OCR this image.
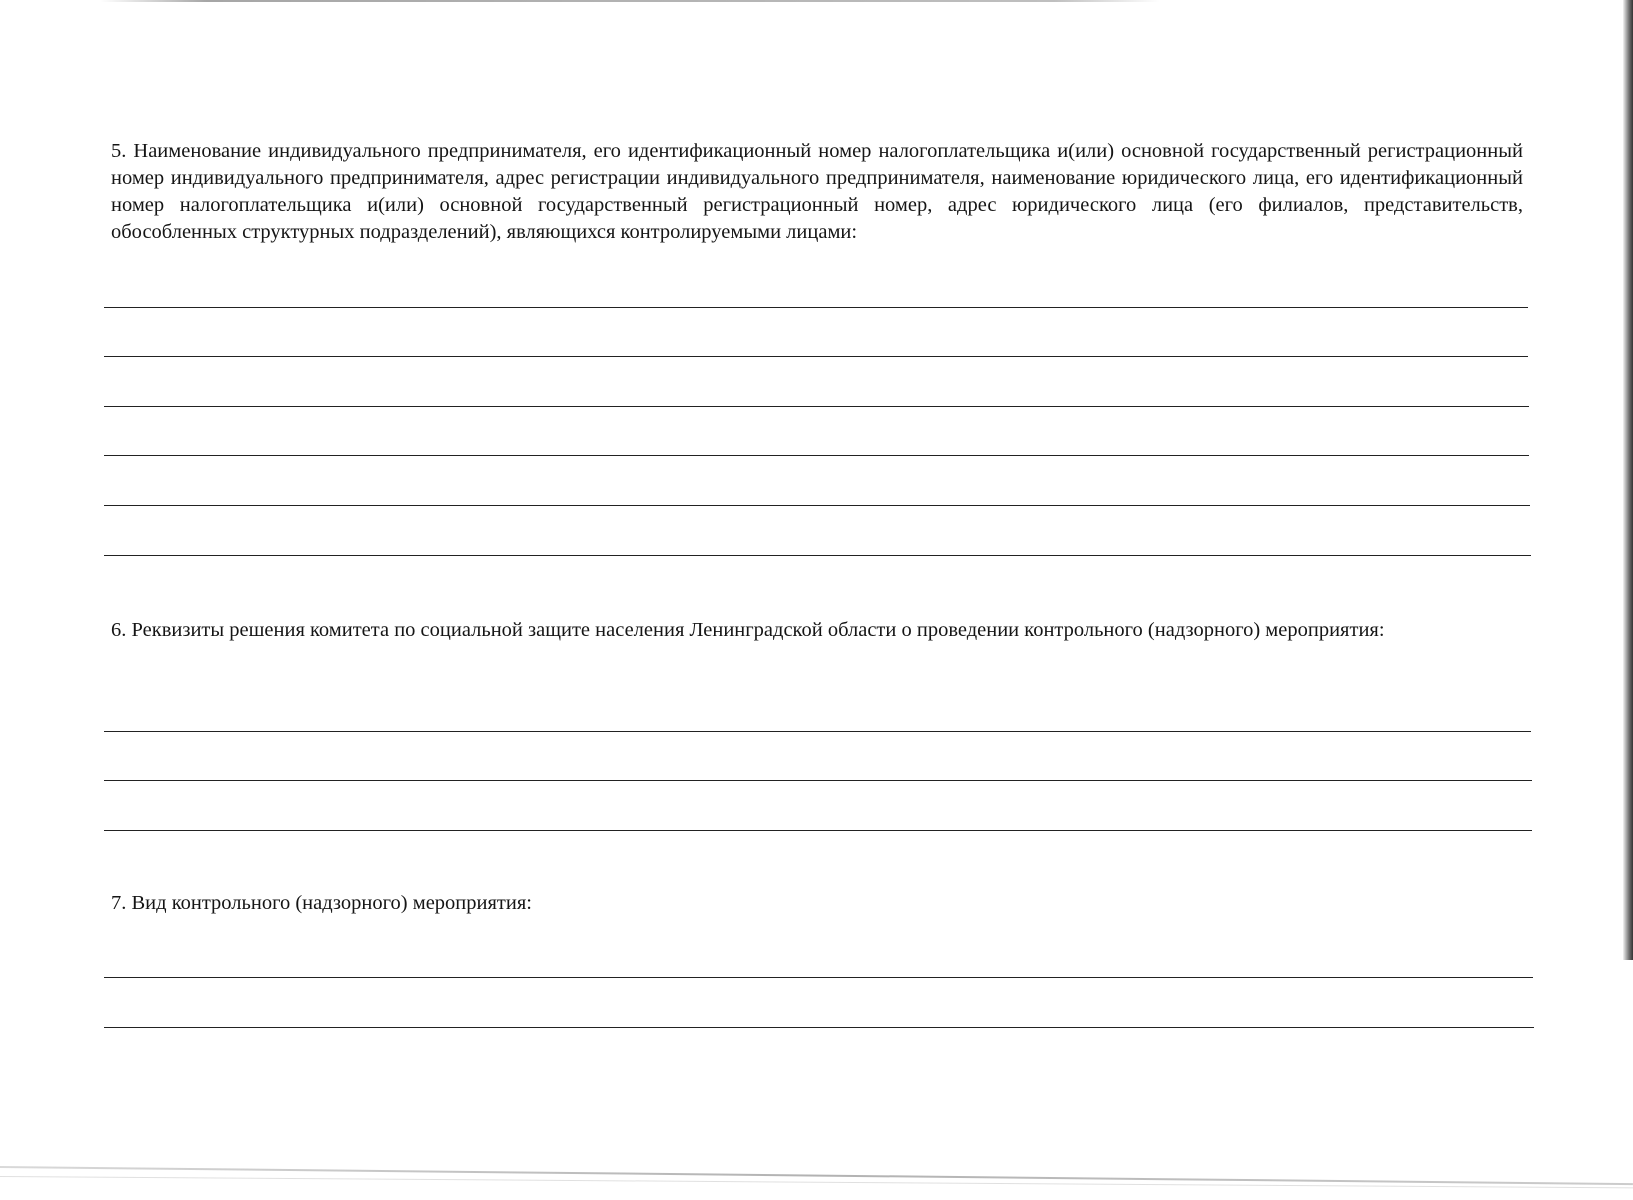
5. Наименование индивидуального предпринимателя, его идентификационный номер налогоплательщика и(или) основной государственный регистрационный номер индивидуального предпринимателя, адрес регистрации индивидуального предпринимателя, наименование юридического лица, его идентификационный номер налогоплательщика и(или) основной государственный регистрационный номер, адрес юридического лица (его филиалов, представительств, обособленных структурных подразделений), являющихся контролируемыми лицами:

6. Реквизиты решения комитета по социальной защите населения Ленинградской области о проведении контрольного (надзорного) мероприятия:

7. Вид контрольного (надзорного) мероприятия:
